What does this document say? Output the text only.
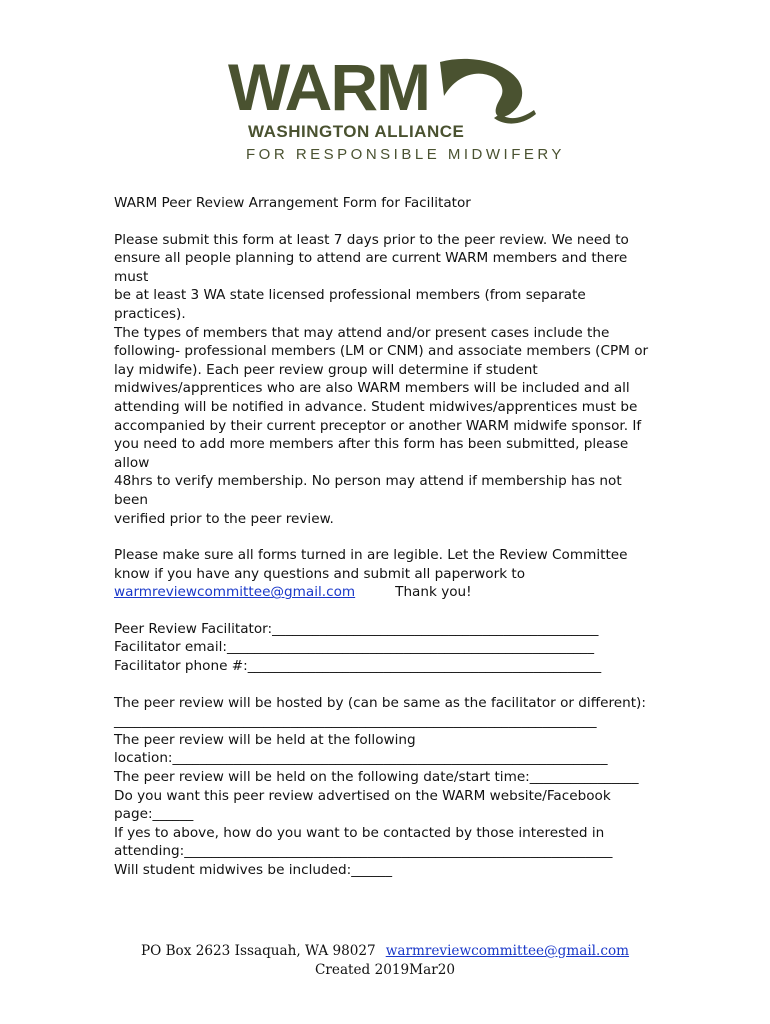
WARM
WASHINGTON ALLIANCE
FOR RESPONSIBLE MIDWIFERY

WARM Peer Review Arrangement Form for Facilitator

Please submit this form at least 7 days prior to the peer review. We need to

ensure all people planning to attend are current WARM members and there must

be at least 3 WA state licensed professional members (from separate practices).

The types of members that may attend and/or present cases include the

following- professional members (LM or CNM) and associate members (CPM or

lay midwife). Each peer review group will determine if student

midwives/apprentices who are also WARM members will be included and all

attending will be notified in advance. Student midwives/apprentices must be

accompanied by their current preceptor or another WARM midwife sponsor. If

you need to add more members after this form has been submitted, please allow

48hrs to verify membership. No person may attend if membership has not been

verified prior to the peer review.

Please make sure all forms turned in are legible. Let the Review Committee

know if you have any questions and submit all paperwork to

warmreviewcommittee@gmail.com	Thank you!

Peer Review Facilitator:________________________________________________

Facilitator email:______________________________________________________

Facilitator phone #:____________________________________________________

The peer review will be hosted by (can be same as the facilitator or different):

_______________________________________________________________________

The peer review will be held at the following

location:________________________________________________________________

The peer review will be held on the following date/start time:________________

Do you want this peer review advertised on the WARM website/Facebook

page:______

If yes to above, how do you want to be contacted by those interested in

attending:_______________________________________________________________

Will student midwives be included:______

PO Box 2623 Issaquah, WA 98027 warmreviewcommittee@gmail.com
Created 2019Mar20
